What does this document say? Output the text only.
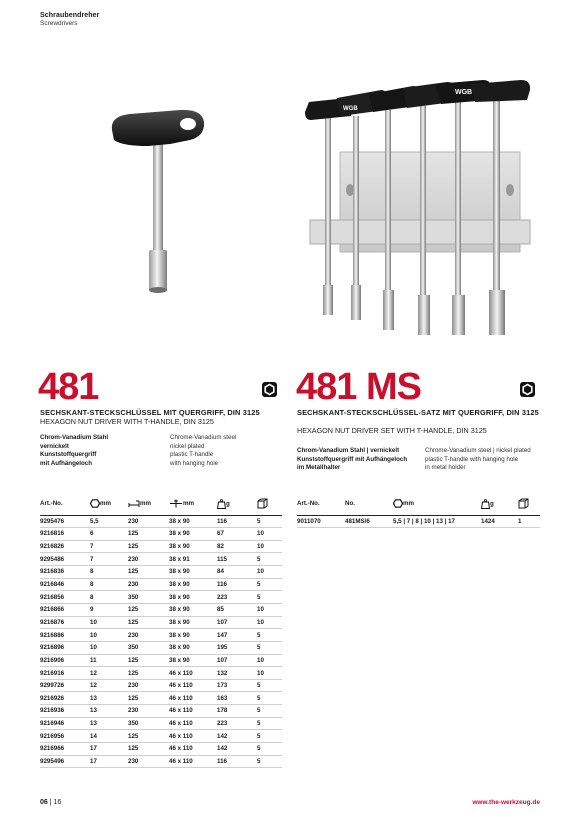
Schraubendreher
Screwdrivers
WGB
WGB
481
SECHSKANT-STECKSCHLÜSSEL MIT QUERGRIFF, DIN 3125
HEXAGON NUT DRIVER WITH T-HANDLE, DIN 3125
Chrom-Vanadium Stahl
vernickelt
Kunststoffquergriff
mit Aufhängeloch
Chrome-Vanadium steel
nickel plated
plastic T-handle
with hanging hole
Art.-No.	mm	mm	mm	g	
9295476	5,5	230	38 x 90	116	5
9216816	6	125	38 x 90	67	10
9216826	7	125	38 x 90	82	10
9295486	7	230	38 x 91	115	5
9216836	8	125	38 x 90	84	10
9216846	8	230	38 x 90	116	5
9216856	8	350	38 x 90	223	5
9216866	9	125	38 x 90	85	10
9216876	10	125	38 x 90	107	10
9216886	10	230	38 x 90	147	5
9216896	10	350	38 x 90	195	5
9216906	11	125	38 x 90	107	10
9216916	12	125	46 x 110	132	10
9299726	12	230	46 x 110	173	5
9216926	13	125	46 x 110	163	5
9216936	13	230	46 x 110	178	5
9216946	13	350	46 x 110	223	5
9216956	14	125	46 x 110	142	5
9216966	17	125	46 x 110	142	5
9295496	17	230	46 x 110	116	5
481 MS
SECHSKANT-STECKSCHLÜSSEL-SATZ MIT QUERGRIFF, DIN 3125
HEXAGON NUT DRIVER SET WITH T-HANDLE, DIN 3125
Chrom-Vanadium Stahl | vernickelt
Kunststoffquergriff mit Aufhängeloch
im Metallhalter
Chrome-Vanadium steel | nickel plated
plastic T-handle with hanging hole
in metal holder
Art.-No.	No.	mm	g	
9011070	481MS/6	5,5 | 7 | 8 | 10 | 13 | 17	1424	1
06 | 16	www.the-werkzeug.de
